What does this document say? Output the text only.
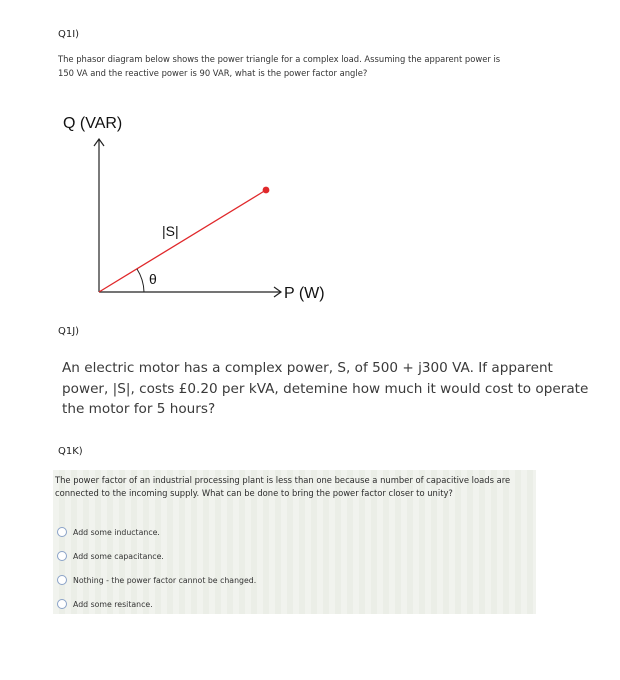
Q1I)
The phasor diagram below shows the power triangle for a complex load. Assuming the apparent power is 150 VA and the reactive power is 90 VAR, what is the power factor angle?
Q (VAR)
P (W)
|S|
θ
Q1J)
An electric motor has a complex power, S, of 500 + j300 VA. If apparent power, |S|, costs £0.20 per kVA, detemine how much it would cost to operate the motor for 5 hours?
Q1K)
The power factor of an industrial processing plant is less than one because a number of capacitive loads are connected to the incoming supply. What can be done to bring the power factor closer to unity?
Add some inductance.
Add some capacitance.
Nothing - the power factor cannot be changed.
Add some resitance.
